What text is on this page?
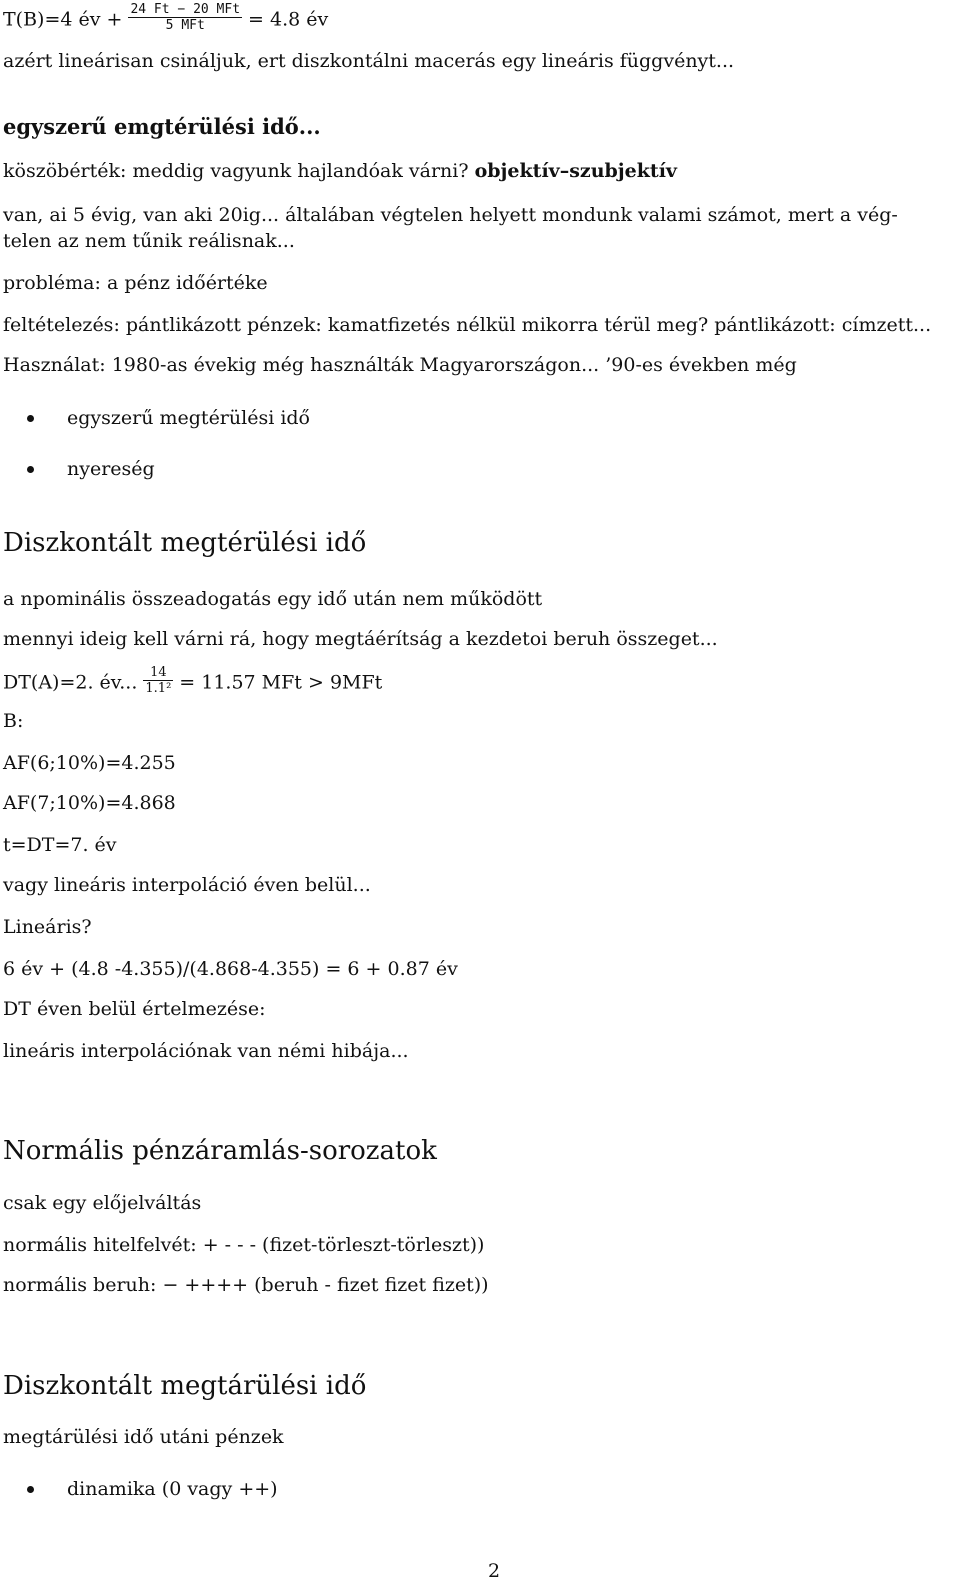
T(B)=4 év + $\frac{\text{24 Ft − 20 MFt}}{\text{5 MFt}} = 4.8$ év
azért lineárisan csináljuk, ert diszkontálni macerás egy lineáris függvényt...
egyszerű emgtérülési idő...
köszöbérték: meddig vagyunk hajlandóak várni? objektív–szubjektív
van, ai 5 évig, van aki 20ig... általában végtelen helyett mondunk valami számot, mert a vég-
telen az nem tűnik reálisnak...
probléma: a pénz időértéke
feltételezés: pántlikázott pénzek: kamatfizetés nélkül mikorra térül meg? pántlikázott: címzett...
Használat: 1980-as évekig még használták Magyarországon... ’90-es években még
egyszerű megtérülési idő
nyereség
Diszkontált megtérülési idő
a npominális összeadogatás egy idő után nem működött
mennyi ideig kell várni rá, hogy megtáérítság a kezdetoi beruh összeget...
DT(A)=2. év... $\frac{14}{\text{1.1²}} = 11.57$ MFt > 9MFt
B:
AF(6;10%)=4.255
AF(7;10%)=4.868
t=DT=7. év
vagy lineáris interpoláció éven belül...
Lineáris?
6 év + (4.8 -4.355)/(4.868-4.355) = 6 + 0.87 év
DT éven belül értelmezése:
lineáris interpolációnak van némi hibája...
Normális pénzáramlás-sorozatok
csak egy előjelváltás
normális hitelfelvét: + - - - (fizet-törleszt-törleszt))
normális beruh: − ++++ (beruh - fizet fizet fizet))
Diszkontált megtárülési idő
megtárülési idő utáni pénzek
dinamika (0 vagy ++)
2
